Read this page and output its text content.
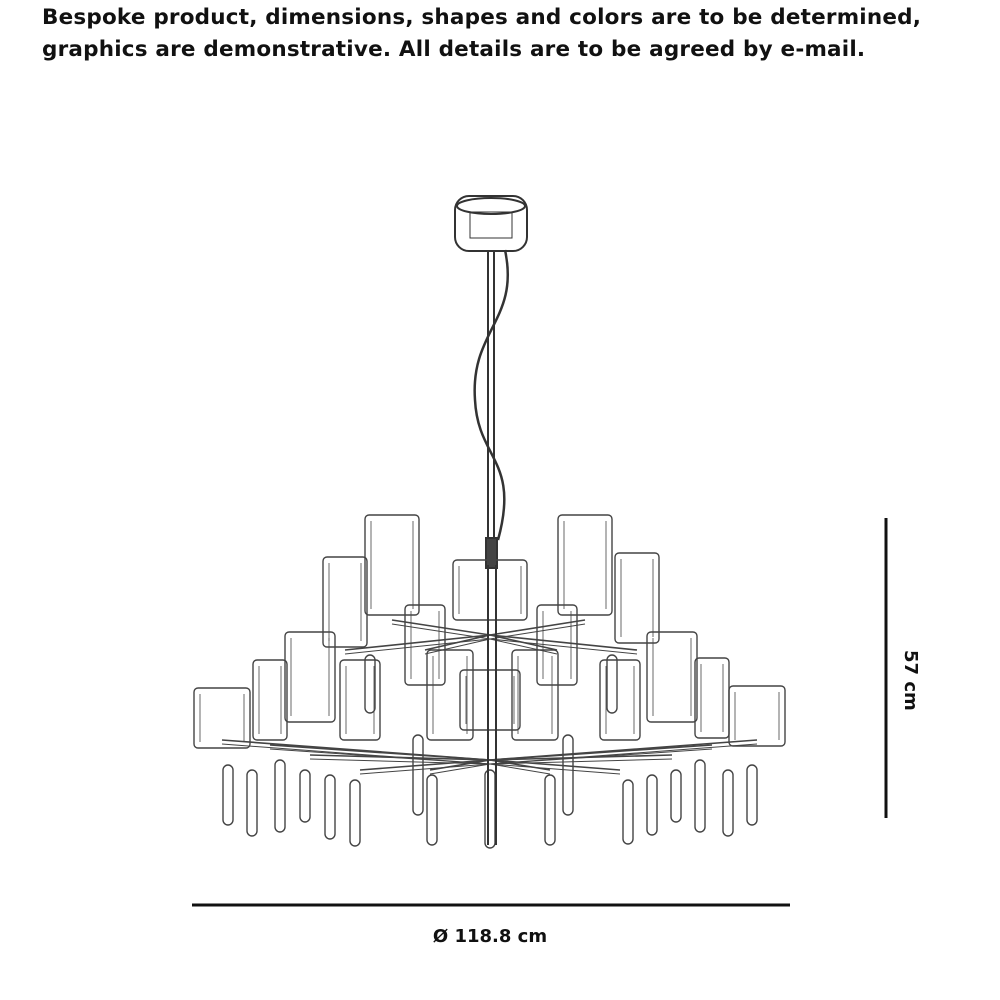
Bespoke product, dimensions, shapes and colors are to be determined, graphics are demonstrative. All details are to be agreed by e-mail.

57 cm
Ø 118.8 cm
